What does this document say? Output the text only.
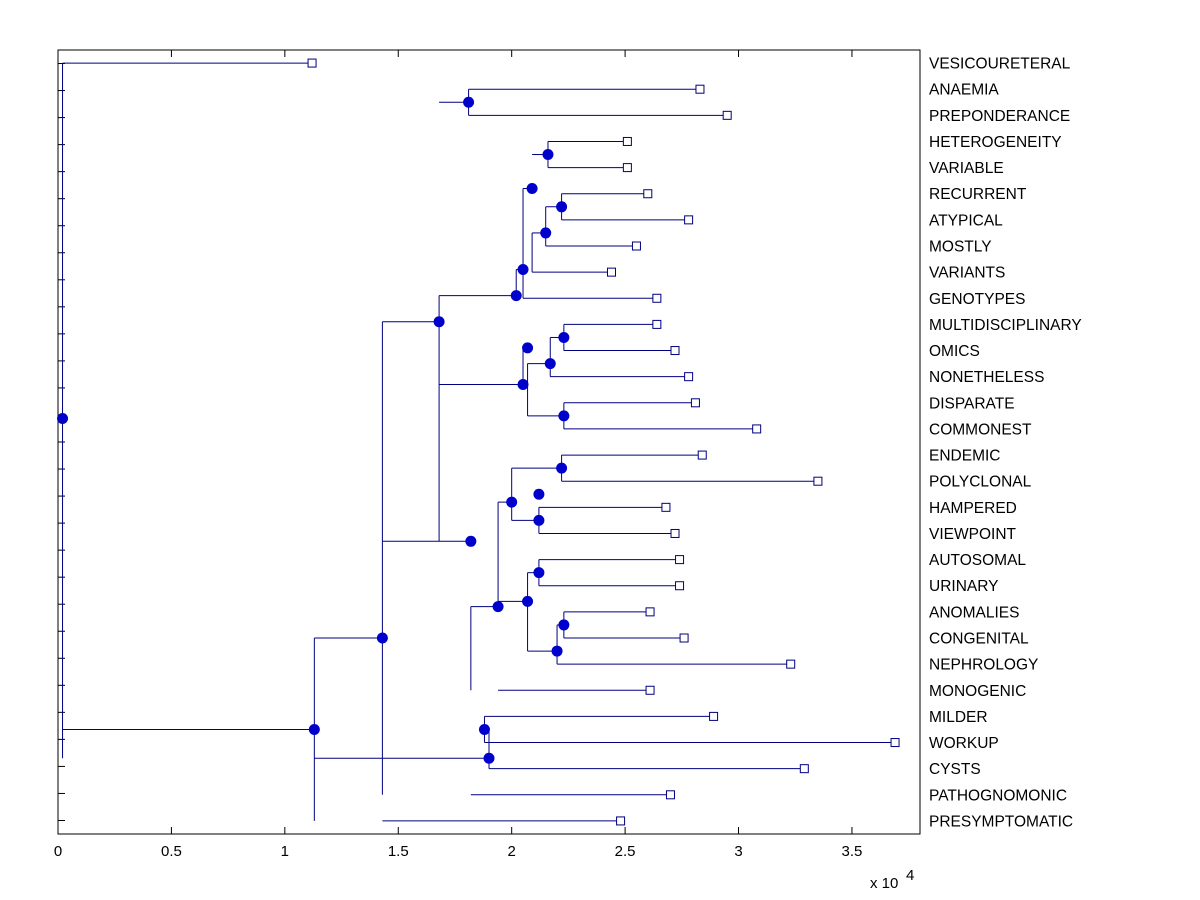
0	0.5	1	1.5	2	2.5	3	3.5
x 10 4
VESICOURETERAL
ANAEMIA
PREPONDERANCE
HETEROGENEITY
VARIABLE
RECURRENT
ATYPICAL
MOSTLY
VARIANTS
GENOTYPES
MULTIDISCIPLINARY
OMICS
NONETHELESS
DISPARATE
COMMONEST
ENDEMIC
POLYCLONAL
HAMPERED
VIEWPOINT
AUTOSOMAL
URINARY
ANOMALIES
CONGENITAL
NEPHROLOGY
MONOGENIC
MILDER
WORKUP
CYSTS
PATHOGNOMONIC
PRESYMPTOMATIC
